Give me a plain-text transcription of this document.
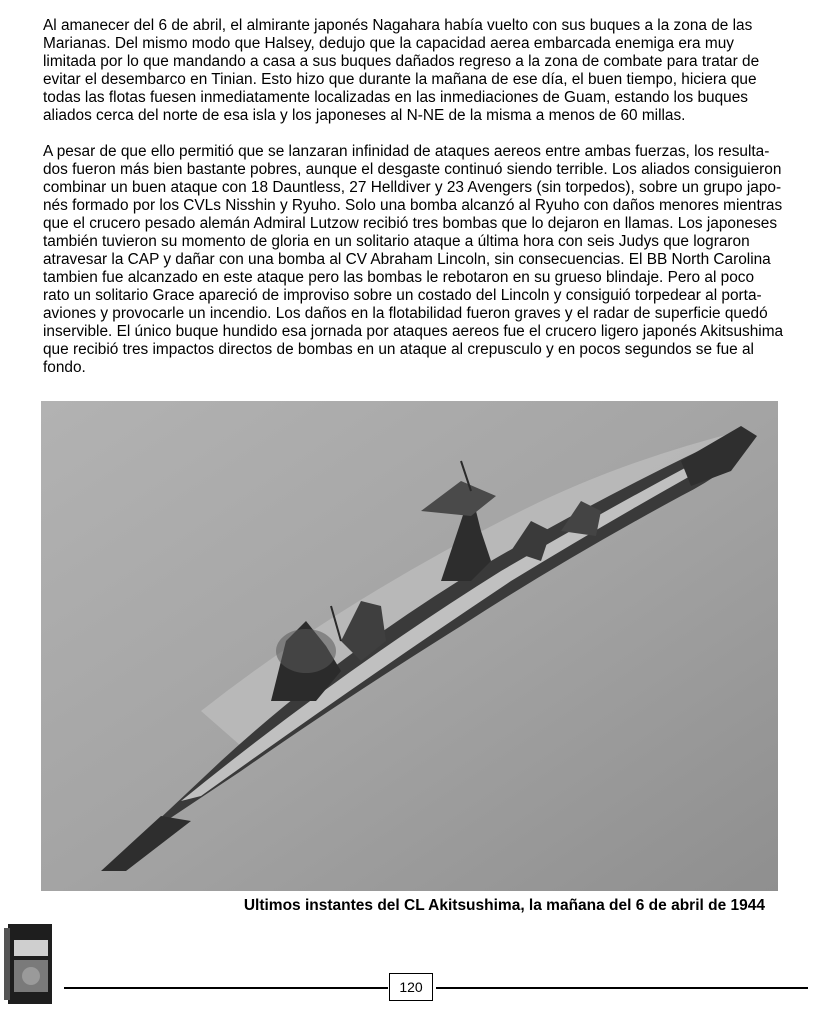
Al amanecer del 6 de abril, el almirante japonés Nagahara había vuelto con sus buques a la zona de las
Marianas. Del mismo modo que Halsey, dedujo que la capacidad aerea embarcada enemiga era muy
limitada por lo que mandando a casa a sus buques dañados regreso a la zona de combate para tratar de
evitar el desembarco en Tinian. Esto hizo que durante la mañana de ese día, el buen tiempo, hiciera que
todas las flotas fuesen inmediatamente localizadas en las inmediaciones de Guam, estando los buques
aliados cerca del norte de esa isla y los japoneses al N-NE de la misma a menos de 60 millas.

A pesar de que ello permitió que se lanzaran infinidad de ataques aereos entre ambas fuerzas, los resulta-
dos fueron más bien bastante pobres, aunque el desgaste continuó siendo terrible. Los aliados consiguieron
combinar un buen ataque con 18 Dauntless, 27 Helldiver y 23 Avengers (sin torpedos), sobre un grupo japo-
nés formado por los CVLs Nisshin y Ryuho. Solo una bomba alcanzó al Ryuho con daños menores mientras
que el crucero pesado alemán Admiral Lutzow recibió tres bombas que lo dejaron en llamas. Los japoneses
también tuvieron su momento de gloria en un solitario ataque a última hora con seis Judys que lograron
atravesar la CAP y dañar con una bomba al CV Abraham Lincoln, sin consecuencias. El BB North Carolina
tambien fue alcanzado en este ataque pero las bombas le rebotaron en su grueso blindaje. Pero al poco
rato un solitario Grace apareció de improviso sobre un costado del Lincoln y consiguió torpedear al porta-
aviones y provocarle un incendio. Los daños en la flotabilidad fueron graves y el radar de superficie quedó
inservible. El único buque hundido esa jornada por ataques aereos fue el crucero ligero japonés Akitsushima
que recibió tres impactos directos de bombas en un ataque al crepusculo y en pocos segundos se fue al
fondo.

Ultimos instantes del CL Akitsushima, la mañana del 6 de abril de 1944
120
